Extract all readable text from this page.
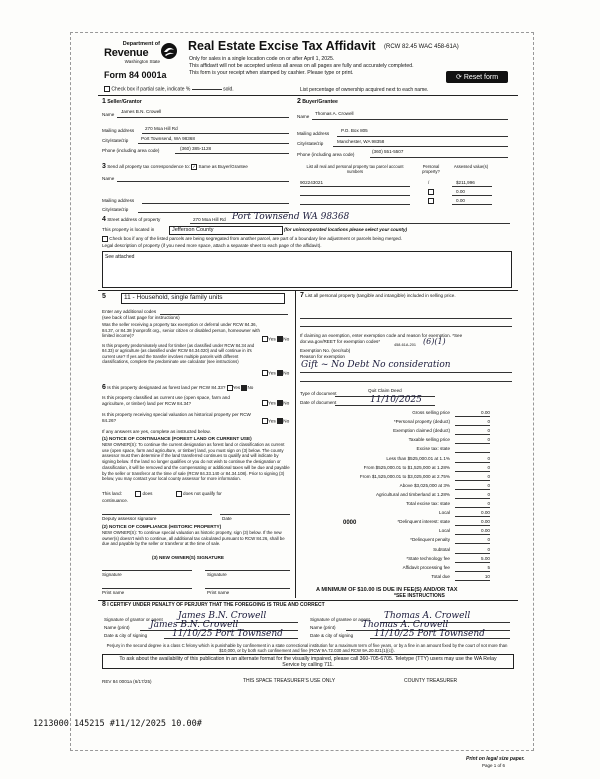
Department of
Revenue
Washington State
Form 84 0001a
Real Estate Excise Tax Affidavit (RCW 82.45 WAC 458-61A)
Only for sales in a single location code on or after April 1, 2025.
This affidavit will not be accepted unless all areas on all pages are fully and accurately completed.
This form is your receipt when stamped by cashier. Please type or print.
⟳ Reset form
Check box if partial sale, indicate %	sold.	List percentage of ownership acquired next to each name.
1 Seller/Grantor
Name
James B.N. Crowell
Mailing address 270 Moa Hill Rd
City/state/zip	Port Townsend, WA 98368
Phone (including area code)	(360) 385-1128
2 Buyer/Grantee
Name
Thomas A. Crowell
Mailing address
P.O. Box 805
City/state/zip	Manchester, WA 98358
Phone (including area code)
(360) 551-5507
3 Send all property tax correspondence to: ✓ Same as Buyer/Grantee
Name
Mailing address
City/state/zip
List all real and personal property tax parcel account numbers
Personal property?
Assessed value(s)
902243021	/	$211,996
0.00
0.00
4 Street address of property	270 Moa Hill Rd Port Townsend WA 98368
This property is located in	Jefferson County	(for unincorporated locations please select your county)
Check box if any of the listed parcels are being segregated from another parcel, are part of a boundary line adjustment or parcels being merged.
Legal description of property (if you need more space, attach a separate sheet to each page of the affidavit).
See attached
5	11 - Household, single family units
Enter any additional codes
(see back of last page for instructions)
Was the seller receiving a property tax exemption or deferral under RCW 84.36, 84.37, or 84.38 (nonprofit org., senior citizen or disabled person, homeowner with limited income)?
Yes No
Is this property predominately used for timber (as classified under RCW 84.34 and 84.33) or agriculture (as classified under RCW 84.34.020) and will continue in it's current use? If yes and the transfer involves multiple parcels with different classifications, complete the predominate use calculator (see instructions)
Yes No
6 Is this property designated as forest land per RCW 84.33? Yes No
Is this property classified as current use (open space, farm and agriculture, or timber) land per RCW 84.34?	Yes No
Is this property receiving special valuation as historical property per RCW 84.26?	Yes No
If any answers are yes, complete as instructed below.
(1) NOTICE OF CONTINUANCE (FOREST LAND OR CURRENT USE)
NEW OWNER(S): To continue the current designation as forest land or classification as current use (open space, farm and agriculture, or timber) land, you must sign on (3) below. The county assessor must then determine if the land transferred continues to qualify and will indicate by signing below. If the land no longer qualifies or you do not wish to continue the designation or classification, it will be removed and the compensating or additional taxes will be due and payable by the seller or transferor at the time of sale (RCW 84.33.140 or 84.34.108). Prior to signing (3) below, you may contact your local county assessor for more information.
This land:	does	does not qualify for
continuance.
Deputy assessor signature	Date
(2) NOTICE OF COMPLIANCE (HISTORIC PROPERTY)
NEW OWNER(S): To continue special valuation as historic property, sign (3) below. If the new owner(s) doesn't wish to continue, all additional tax calculated pursuant to RCW 84.26, shall be due and payable by the seller or transferor at the time of sale.
(3) NEW OWNER(S) SIGNATURE
Signature	Signature
Print name	Print name
7 List all personal property (tangible and intangible) included in selling price.
If claiming an exemption, enter exemption code and reason for exemption. *See dor.wa.gov/REET for exemption codes*
458-61A-201 (6)(1)
Exemption No. (sec/sub)
Reason for exemption
Gift ~ No Debt No consideration
Type of document
Quit Claim Deed
Date of document	11/10/2025
Gross selling price	0.00
*Personal property (deduct)	0
Exemption claimed (deduct)	0
Taxable selling price	0
Excise tax: state
Less than $525,000.01 at 1.1%	0
From $525,000.01 to $1,525,000 at 1.28%	0
From $1,525,000.01 to $3,025,000 at 2.75%	0
Above $3,025,000 at 3%	0
Agricultural and timberland at 1.28%	0
Total excise tax: state	0
Local	0.00
*Delinquent interest: state	0.00
Local	0.00
*Delinquent penalty	0
Subtotal	0
*State technology fee	5.00
Affidavit processing fee	5
Total due	10
0000
A MINIMUM OF $10.00 IS DUE IN FEE(S) AND/OR TAX
*SEE INSTRUCTIONS
8 I CERTIFY UNDER PENALTY OF PERJURY THAT THE FOREGOING IS TRUE AND CORRECT
Signature of grantor or agent James B.N. Crowell
Name (print) James B.N. Crowell
Date & city of signing	11/10/25 Port Townsend
Signature of grantee or agent Thomas A. Crowell
Name (print)	Thomas A. Crowell
Date & city of signing 11/10/25 Port Townsend
Perjury in the second degree is a class C felony which is punishable by confinement in a state correctional institution for a maximum term of five years, or by a fine in an amount fixed by the court of not more than $10,000, or by both such confinement and fine (RCW 9A.72.030 and RCW 9A.20.021(1)(c)).
To ask about the availability of this publication in an alternate format for the visually impaired, please call 360-705-6705. Teletype (TTY) users may use the WA Relay Service by calling 711.
REV 84 0001a (6/17/25)	THIS SPACE TREASURER'S USE ONLY	COUNTY TREASURER
1213000 145215 #11/12/2025 10.00#
Print on legal size paper.
Page 1 of 6
